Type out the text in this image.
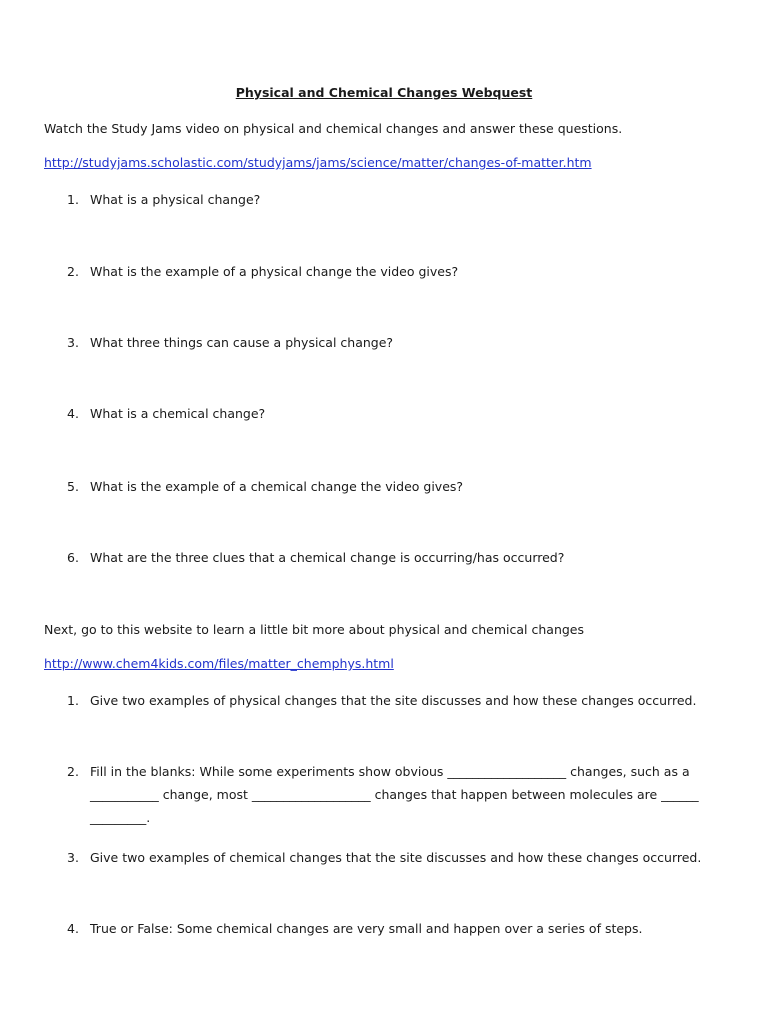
Physical and Chemical Changes Webquest
Watch the Study Jams video on physical and chemical changes and answer these questions.
http://studyjams.scholastic.com/studyjams/jams/science/matter/changes-of-matter.htm
1. What is a physical change?
2. What is the example of a physical change the video gives?
3. What three things can cause a physical change?
4. What is a chemical change?
5. What is the example of a chemical change the video gives?
6. What are the three clues that a chemical change is occurring/has occurred?
Next, go to this website to learn a little bit more about physical and chemical changes
http://www.chem4kids.com/files/matter_chemphys.html
1. Give two examples of physical changes that the site discusses and how these changes occurred.
2. Fill in the blanks: While some experiments show obvious ___________________ changes, such as a ___________ change, most ___________________ changes that happen between molecules are ______ _________.
3. Give two examples of chemical changes that the site discusses and how these changes occurred.
4. True or False: Some chemical changes are very small and happen over a series of steps.
